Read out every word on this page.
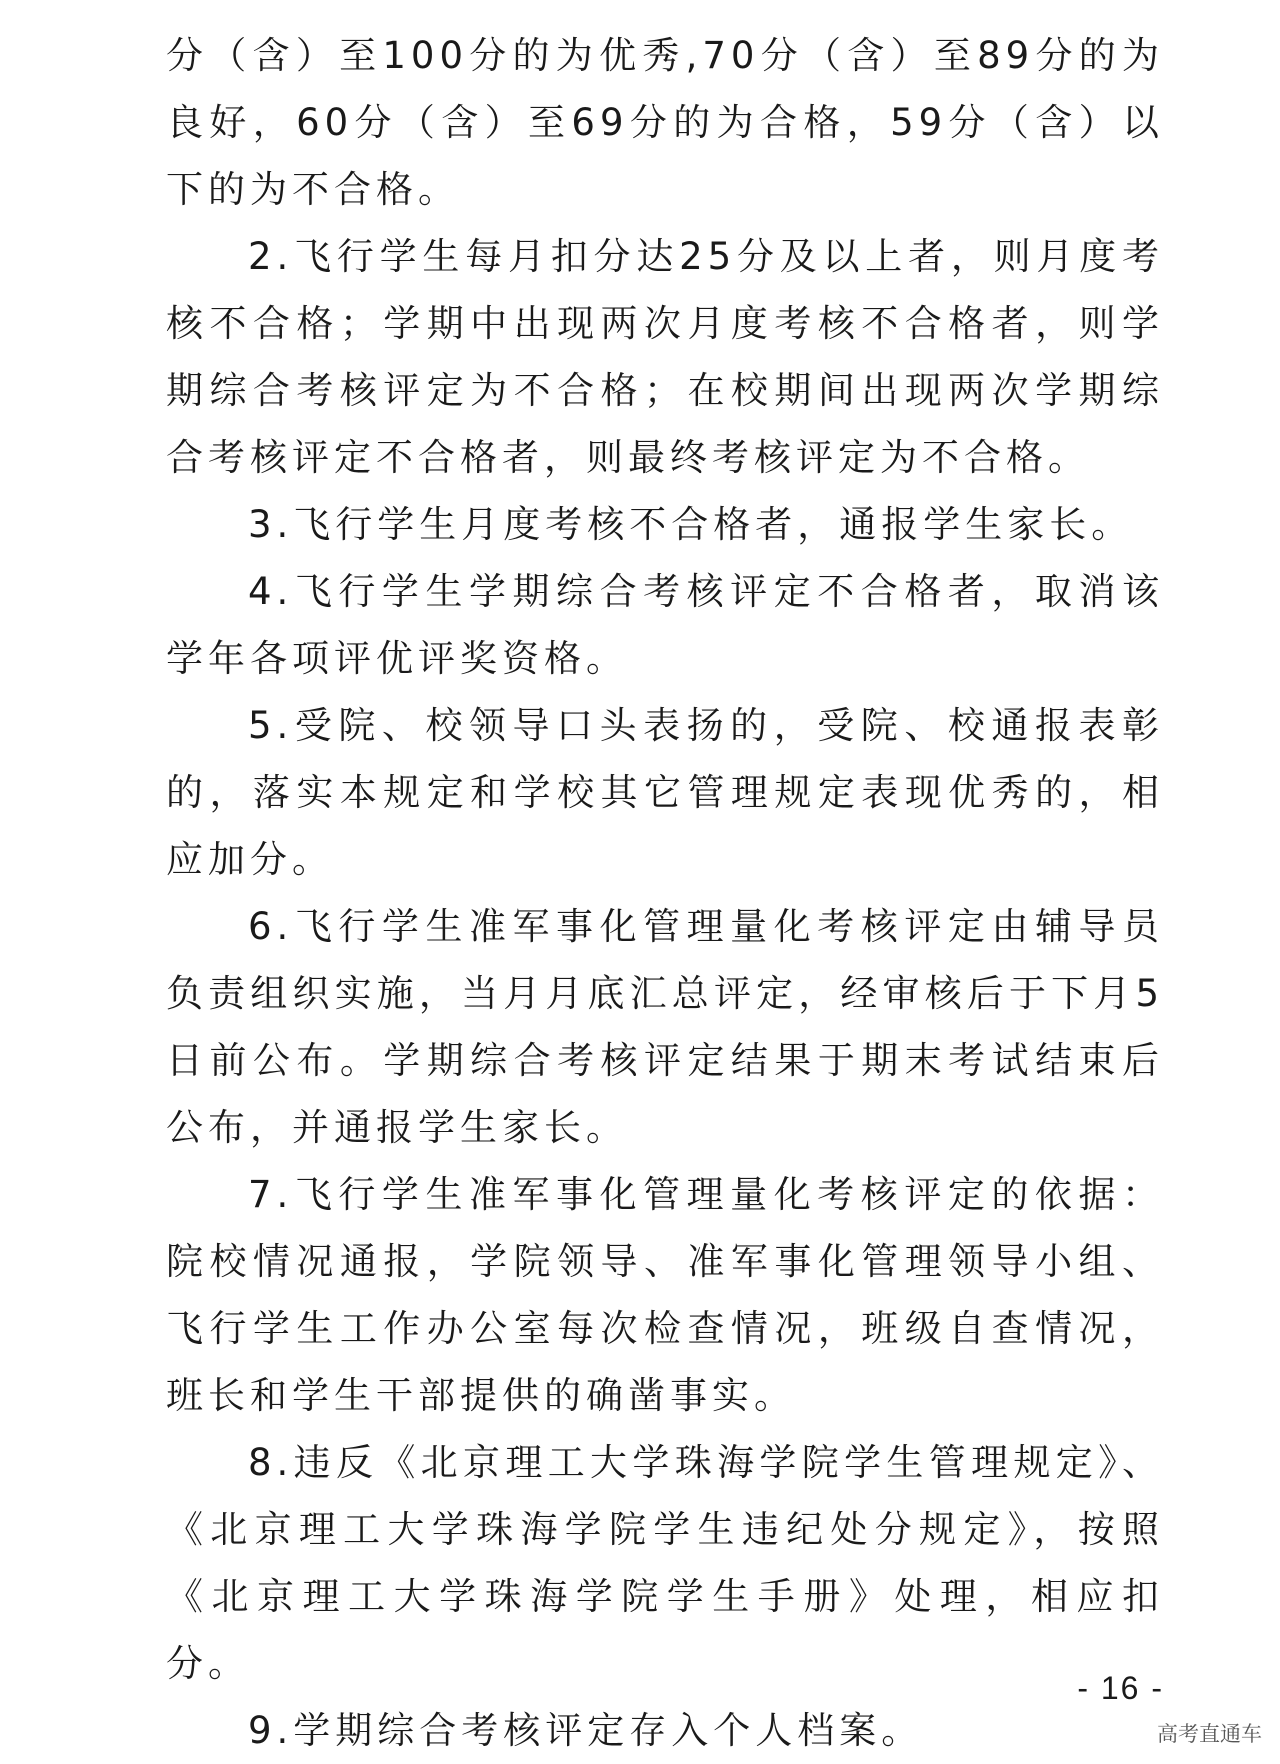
分（含）至100分的为优秀,70分（含）至89分的为良好，60分（含）至69分的为合格，59分（含）以下的为不合格。

2.飞行学生每月扣分达25分及以上者，则月度考核不合格；学期中出现两次月度考核不合格者，则学期综合考核评定为不合格；在校期间出现两次学期综合考核评定不合格者，则最终考核评定为不合格。

3.飞行学生月度考核不合格者，通报学生家长。

4.飞行学生学期综合考核评定不合格者，取消该学年各项评优评奖资格。

5.受院、校领导口头表扬的，受院、校通报表彰的，落实本规定和学校其它管理规定表现优秀的，相应加分。

6.飞行学生准军事化管理量化考核评定由辅导员负责组织实施，当月月底汇总评定，经审核后于下月5日前公布。学期综合考核评定结果于期末考试结束后公布，并通报学生家长。

7.飞行学生准军事化管理量化考核评定的依据：院校情况通报，学院领导、准军事化管理领导小组、飞行学生工作办公室每次检查情况，班级自查情况，班长和学生干部提供的确凿事实。

8.违反《北京理工大学珠海学院学生管理规定》、《北京理工大学珠海学院学生违纪处分规定》，按照《北京理工大学珠海学院学生手册》处理，相应扣分。

9.学期综合考核评定存入个人档案。

- 16 -
高考直通车
